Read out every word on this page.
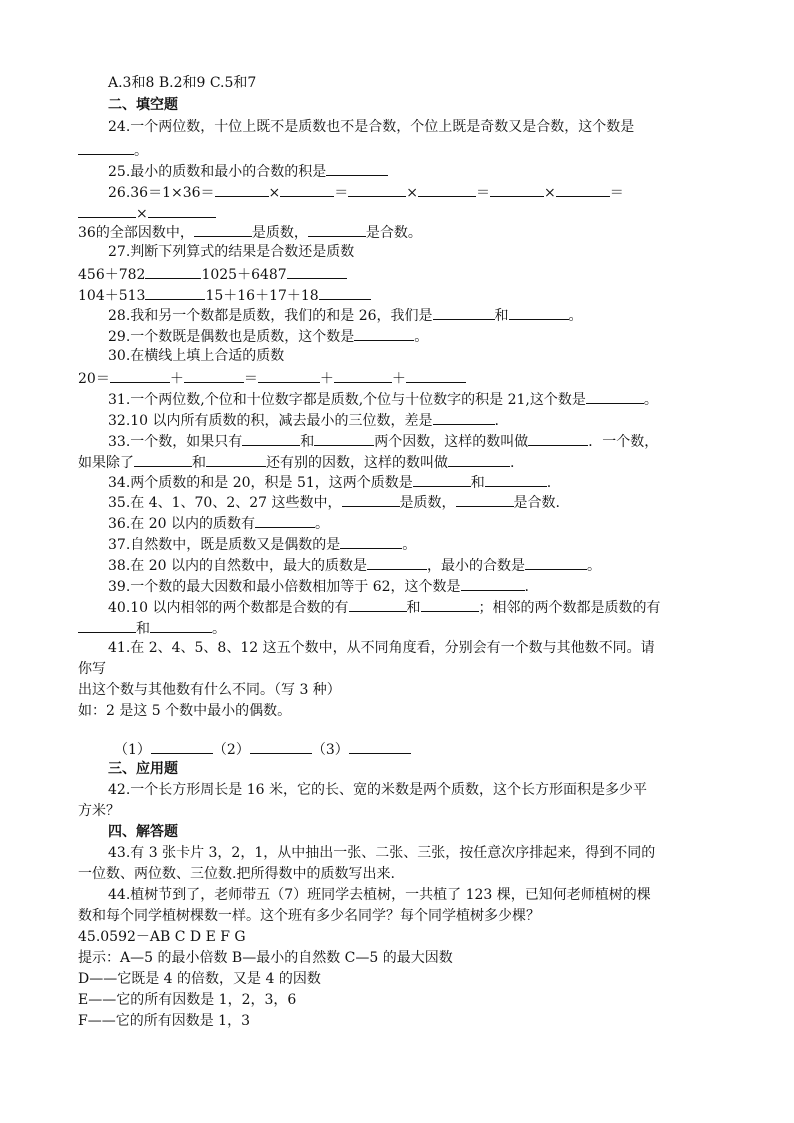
A.3和8 B.2和9 C.5和7
二、填空题
24.一个两位数，十位上既不是质数也不是合数，个位上既是奇数又是合数，这个数是
。
25.最小的质数和最小的合数的积是
26.36＝1×36＝	×	＝	×	＝	×	＝
×
36的全部因数中，	是质数，	是合数。
27.判断下列算式的结果是合数还是质数
456＋782	1025＋6487
104＋513	15＋16＋17＋18
28.我和另一个数都是质数，我们的和是 26，我们是	和	。
29.一个数既是偶数也是质数，这个数是	。
30.在横线上填上合适的质数
20＝	＋	＝	＋	＋
31.一个两位数,个位和十位数字都是质数,个位与十位数字的积是 21,这个数是	。
32.10 以内所有质数的积，减去最小的三位数，差是	.
33.一个数，如果只有	和	两个因数，这样的数叫做	．一个数，
如果除了	和	还有别的因数，这样的数叫做	.
34.两个质数的和是 20，积是 51，这两个质数是	和	.
35.在 4、1、70、2、27 这些数中，	是质数，	是合数.
36.在 20 以内的质数有	。
37.自然数中，既是质数又是偶数的是	。
38.在 20 以内的自然数中，最大的质数是	，最小的合数是	。
39.一个数的最大因数和最小倍数相加等于 62，这个数是	.
40.10 以内相邻的两个数都是合数的有	和	；相邻的两个数都是质数的有
和	。
41.在 2、4、5、8、12 这五个数中，从不同角度看，分别会有一个数与其他数不同。请
你写
出这个数与其他数有什么不同。（写 3 种）
如：2 是这 5 个数中最小的偶数。
（1）	（2）	（3）
三、应用题
42.一个长方形周长是 16 米，它的长、宽的米数是两个质数，这个长方形面积是多少平
方米？
四、解答题
43.有 3 张卡片 3，2，1，从中抽出一张、二张、三张，按任意次序排起来，得到不同的
一位数、两位数、三位数.把所得数中的质数写出来.
44.植树节到了，老师带五（7）班同学去植树，一共植了 123 棵，已知何老师植树的棵
数和每个同学植树棵数一样。这个班有多少名同学？每个同学植树多少棵？
45.0592－AB C D E F G
提示：A—5 的最小倍数 B—最小的自然数 C—5 的最大因数
D——它既是 4 的倍数，又是 4 的因数
E——它的所有因数是 1，2，3，6
F——它的所有因数是 1，3
